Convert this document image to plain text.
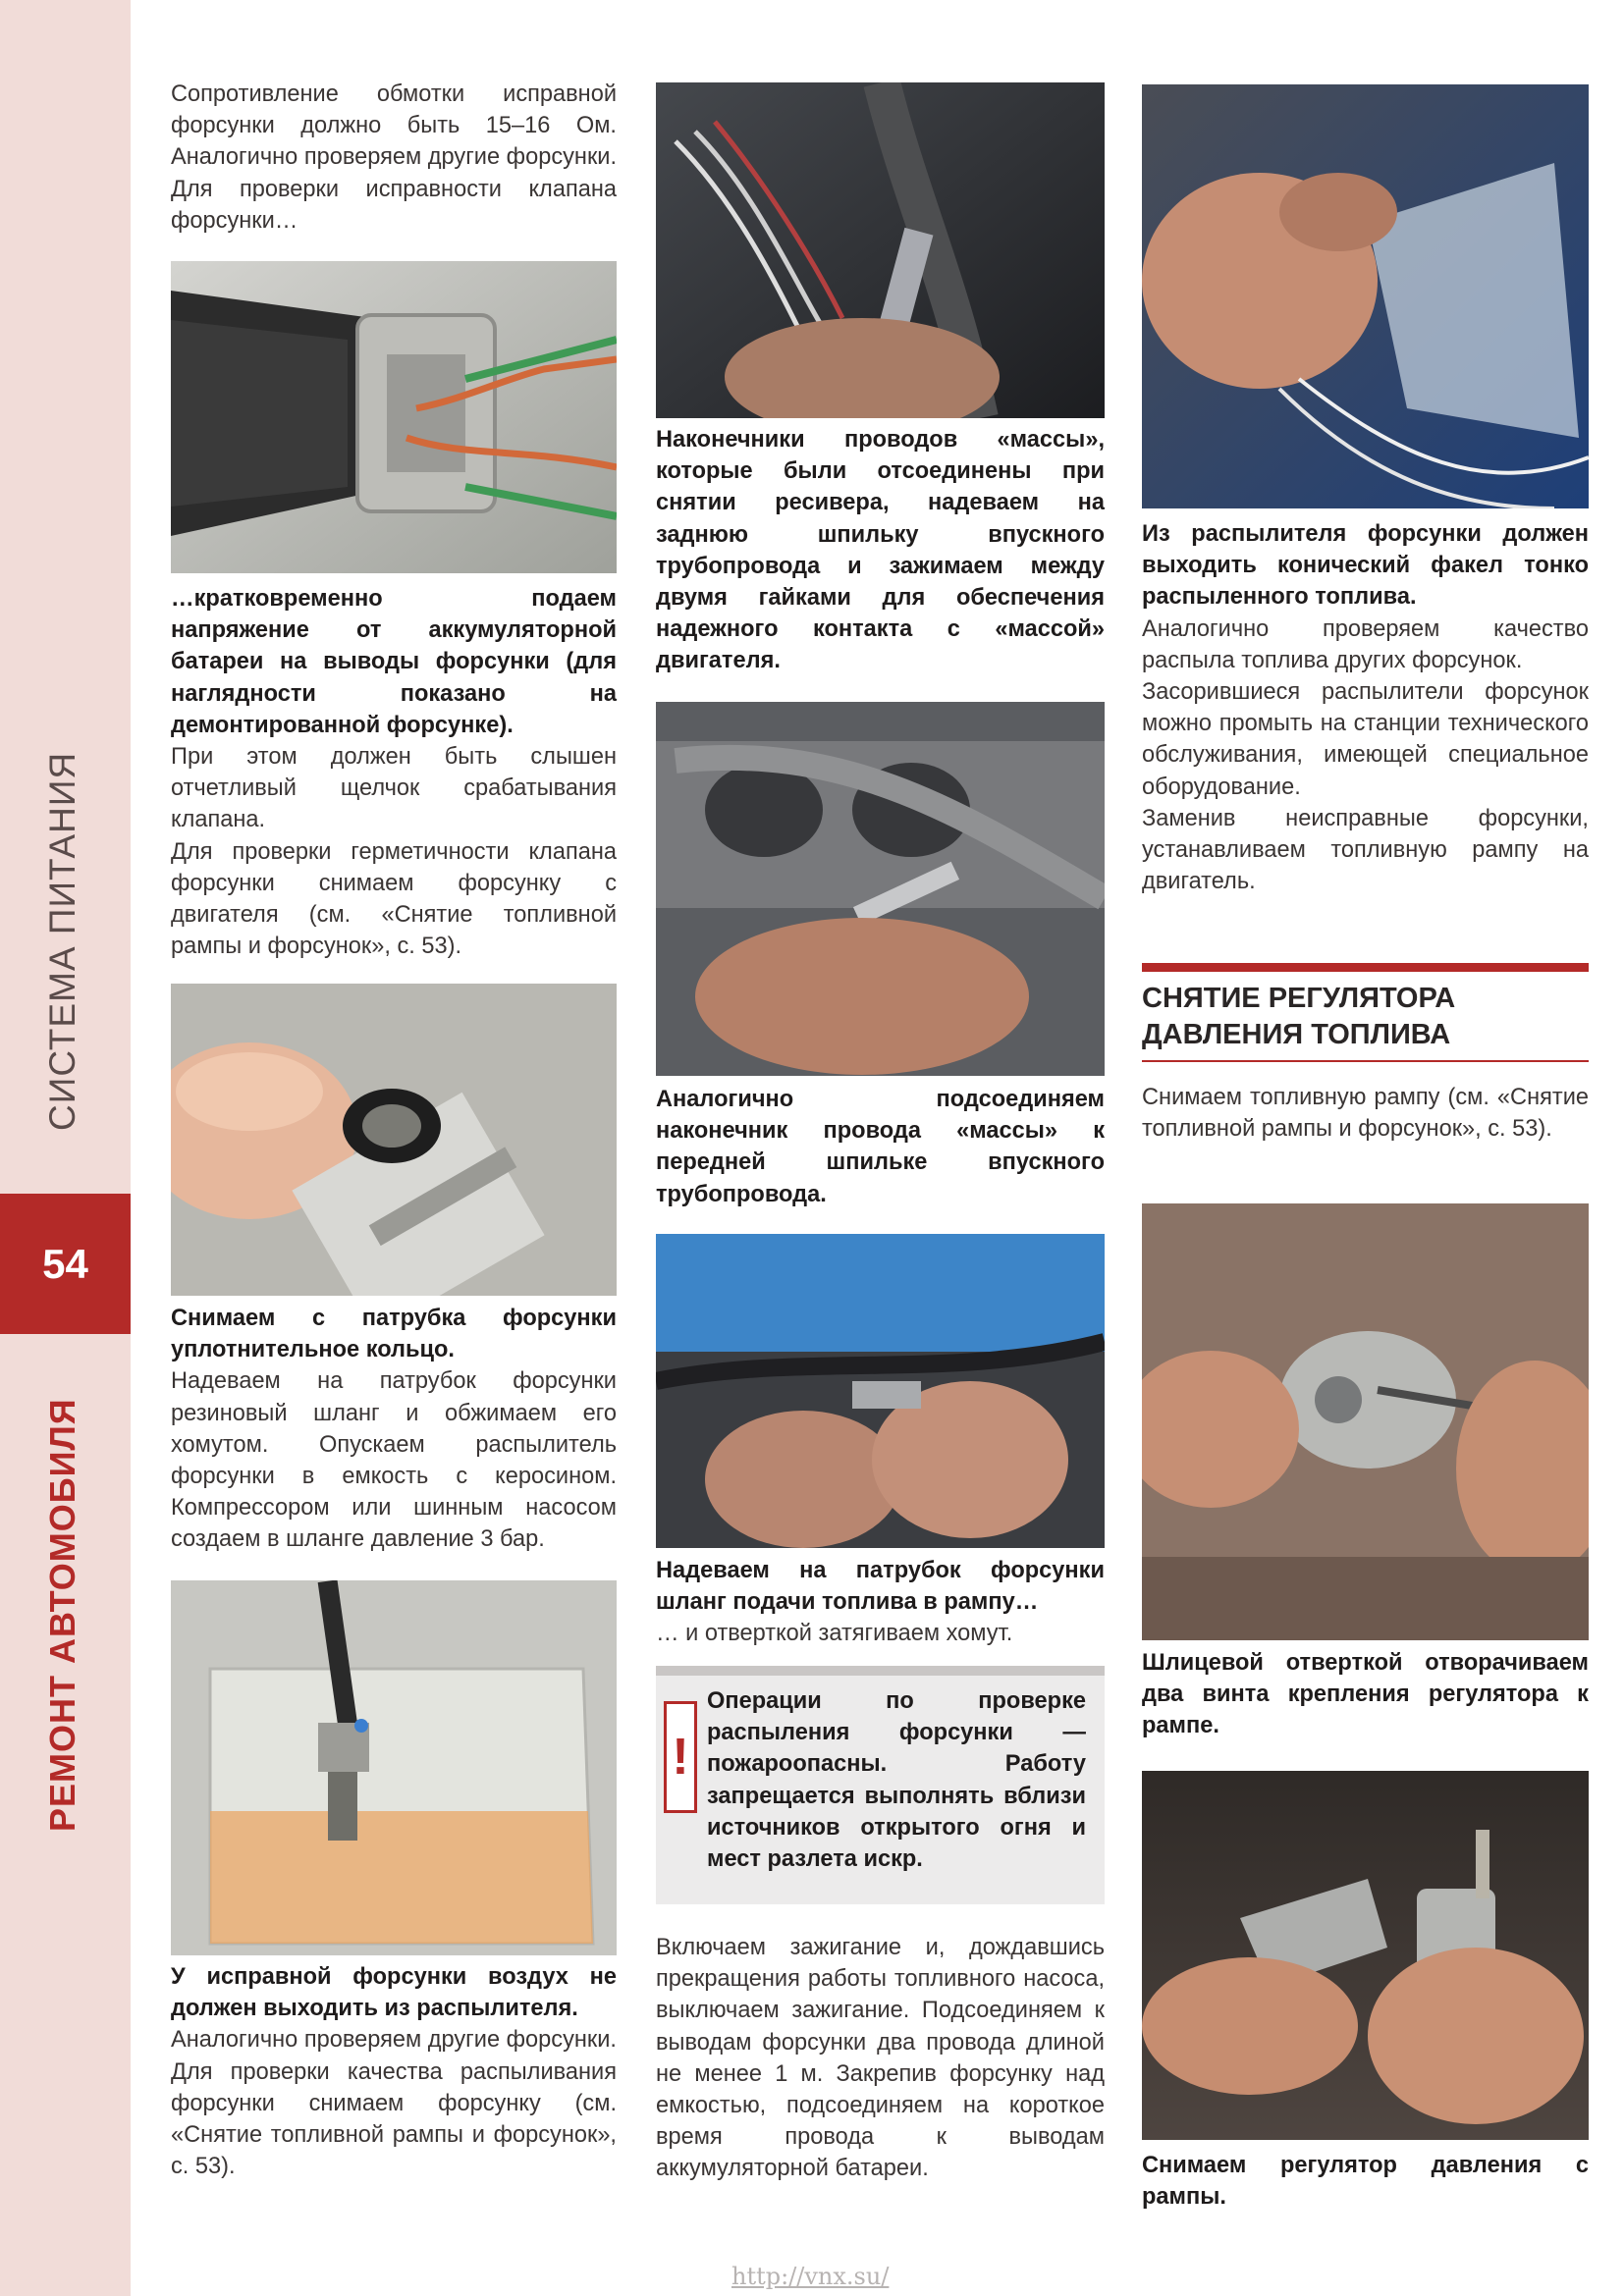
СИСТЕМА ПИТАНИЯ
54
РЕМОНТ АВТОМОБИЛЯ

Сопротивление обмотки исправной форсунки должно быть 15–16 Ом. Аналогично проверяем другие форсунки. Для проверки исправности клапана форсунки…

…кратковременно подаем напряжение от аккумуляторной батареи на выводы форсунки (для наглядности показано на демонтированной форсунке).

При этом должен быть слышен отчетливый щелчок срабатывания клапана.

Для проверки герметичности клапана форсунки снимаем форсунку с двигателя (см. «Снятие топливной рампы и форсунок», с. 53).

Снимаем с патрубка форсунки уплотнительное кольцо.

Надеваем на патрубок форсунки резиновый шланг и обжимаем его хомутом. Опускаем распылитель форсунки в емкость с керосином. Компрессором или шинным насосом создаем в шланге давление 3 бар.

У исправной форсунки воздух не должен выходить из распылителя.

Аналогично проверяем другие форсунки.

Для проверки качества распыливания форсунки снимаем форсунку (см. «Снятие топливной рампы и форсунок», с. 53).

Наконечники проводов «массы», которые были отсоединены при снятии ресивера, надеваем на заднюю шпильку впускного трубопровода и зажимаем между двумя гайками для обеспечения надежного контакта с «массой» двигателя.

Аналогично подсоединяем наконечник провода «массы» к передней шпильке впускного трубопровода.

Надеваем на патрубок форсунки шланг подачи топлива в рампу…

… и отверткой затягиваем хомут.

!
Операции по проверке распыления форсунки — пожароопасны. Работу запрещается выполнять вблизи источников открытого огня и мест разлета искр.

Включаем зажигание и, дождавшись прекращения работы топливного насоса, выключаем зажигание. Подсоединяем к выводам форсунки два провода длиной не менее 1 м. Закрепив форсунку над емкостью, подсоединяем на короткое время провода к выводам аккумуляторной батареи.

Из распылителя форсунки должен выходить конический факел тонко распыленного топлива.

Аналогично проверяем качество распыла топлива других форсунок.

Засорившиеся распылители форсунок можно промыть на станции технического обслуживания, имеющей специальное оборудование.

Заменив неисправные форсунки, устанавливаем топливную рампу на двигатель.

СНЯТИЕ РЕГУЛЯТОРА ДАВЛЕНИЯ ТОПЛИВА

Снимаем топливную рампу (см. «Снятие топливной рампы и форсунок», с. 53).

Шлицевой отверткой отворачиваем два винта крепления регулятора к рампе.

Снимаем регулятор давления с рампы.

http://vnx.su/
